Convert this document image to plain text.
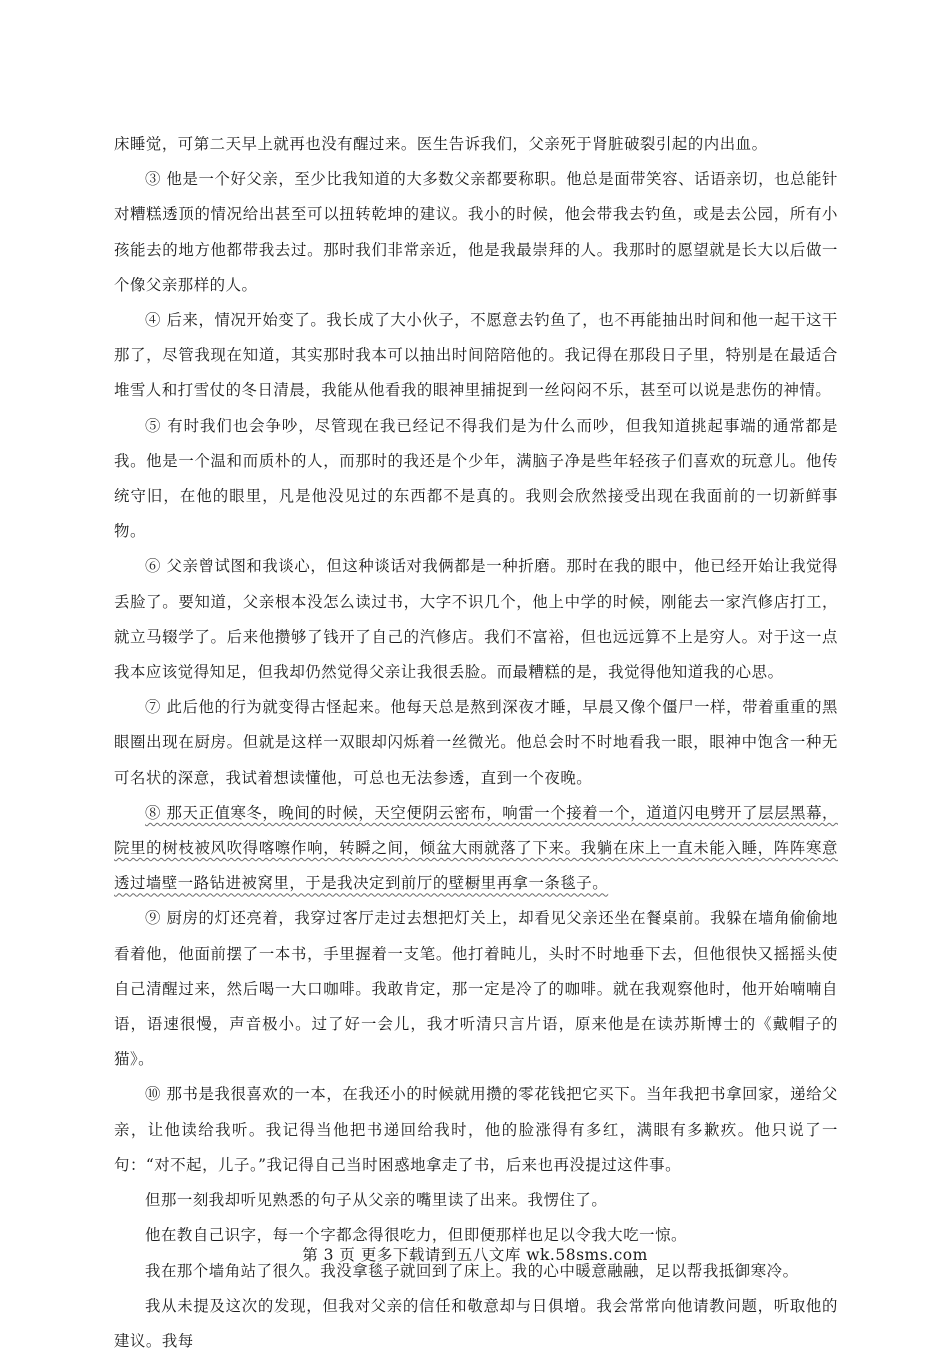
床睡觉，可第二天早上就再也没有醒过来。医生告诉我们，父亲死于肾脏破裂引起的内出血。

③ 他是一个好父亲，至少比我知道的大多数父亲都要称职。他总是面带笑容、话语亲切，也总能针对糟糕透顶的情况给出甚至可以扭转乾坤的建议。我小的时候，他会带我去钓鱼，或是去公园，所有小孩能去的地方他都带我去过。那时我们非常亲近，他是我最崇拜的人。我那时的愿望就是长大以后做一个像父亲那样的人。

④ 后来，情况开始变了。我长成了大小伙子，不愿意去钓鱼了，也不再能抽出时间和他一起干这干那了，尽管我现在知道，其实那时我本可以抽出时间陪陪他的。我记得在那段日子里，特别是在最适合堆雪人和打雪仗的冬日清晨，我能从他看我的眼神里捕捉到一丝闷闷不乐，甚至可以说是悲伤的神情。

⑤ 有时我们也会争吵，尽管现在我已经记不得我们是为什么而吵，但我知道挑起事端的通常都是我。他是一个温和而质朴的人，而那时的我还是个少年，满脑子净是些年轻孩子们喜欢的玩意儿。他传统守旧，在他的眼里，凡是他没见过的东西都不是真的。我则会欣然接受出现在我面前的一切新鲜事物。

⑥ 父亲曾试图和我谈心，但这种谈话对我俩都是一种折磨。那时在我的眼中，他已经开始让我觉得丢脸了。要知道，父亲根本没怎么读过书，大字不识几个，他上中学的时候，刚能去一家汽修店打工，就立马辍学了。后来他攒够了钱开了自己的汽修店。我们不富裕，但也远远算不上是穷人。对于这一点我本应该觉得知足，但我却仍然觉得父亲让我很丢脸。而最糟糕的是，我觉得他知道我的心思。

⑦ 此后他的行为就变得古怪起来。他每天总是熬到深夜才睡，早晨又像个僵尸一样，带着重重的黑眼圈出现在厨房。但就是这样一双眼却闪烁着一丝微光。他总会时不时地看我一眼，眼神中饱含一种无可名状的深意，我试着想读懂他，可总也无法参透，直到一个夜晚。

⑧ 那天正值寒冬，晚间的时候，天空便阴云密布，响雷一个接着一个，道道闪电劈开了层层黑幕，院里的树枝被风吹得喀嚓作响，转瞬之间，倾盆大雨就落了下来。我躺在床上一直未能入睡，阵阵寒意透过墙壁一路钻进被窝里，于是我决定到前厅的壁橱里再拿一条毯子。

⑨ 厨房的灯还亮着，我穿过客厅走过去想把灯关上，却看见父亲还坐在餐桌前。我躲在墙角偷偷地看着他，他面前摆了一本书，手里握着一支笔。他打着盹儿，头时不时地垂下去，但他很快又摇摇头使自己清醒过来，然后喝一大口咖啡。我敢肯定，那一定是冷了的咖啡。就在我观察他时，他开始喃喃自语，语速很慢，声音极小。过了好一会儿，我才听清只言片语，原来他是在读苏斯博士的《戴帽子的猫》。

⑩ 那书是我很喜欢的一本，在我还小的时候就用攒的零花钱把它买下。当年我把书拿回家，递给父亲，让他读给我听。我记得当他把书递回给我时，他的脸涨得有多红，满眼有多歉疚。他只说了一句：“对不起，儿子。”我记得自己当时困惑地拿走了书，后来也再没提过这件事。

但那一刻我却听见熟悉的句子从父亲的嘴里读了出来。我愣住了。

他在教自己识字，每一个字都念得很吃力，但即便那样也足以令我大吃一惊。

我在那个墙角站了很久。我没拿毯子就回到了床上。我的心中暖意融融，足以帮我抵御寒冷。

我从未提及这次的发现，但我对父亲的信任和敬意却与日俱增。我会常常向他请教问题，听取他的建议。我每

第 3 页 更多下载请到五八文库 wk.58sms.com
